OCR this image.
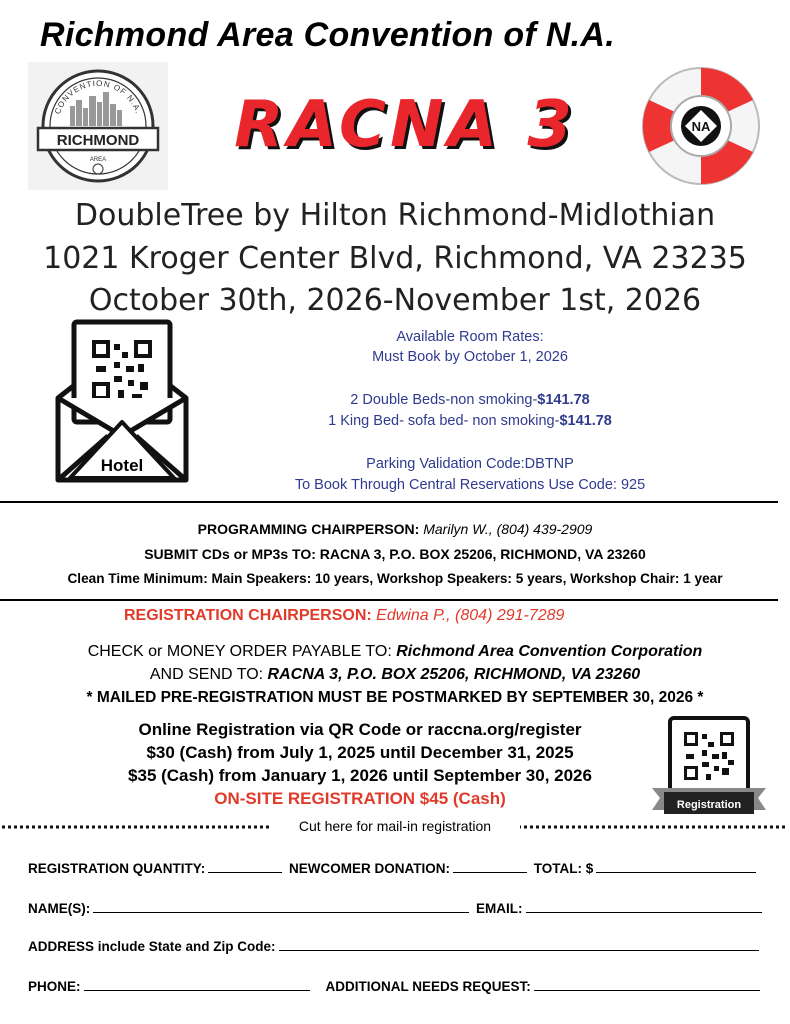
Richmond Area Convention of N.A.
CONVENTION OF N.A.
RICHMOND
AREA RACNA 3	NA
DoubleTree by Hilton Richmond-Midlothian
1021 Kroger Center Blvd, Richmond, VA 23235
October 30th, 2026-November 1st, 2026
Hotel
Available Room Rates:
Must Book by October 1, 2026
2 Double Beds-non smoking-$141.78
1 King Bed- sofa bed- non smoking-$141.78
Parking Validation Code:DBTNP
To Book Through Central Reservations Use Code: 925
PROGRAMMING CHAIRPERSON: Marilyn W., (804) 439-2909
SUBMIT CDs or MP3s TO: RACNA 3, P.O. BOX 25206, RICHMOND, VA 23260
Clean Time Minimum: Main Speakers: 10 years, Workshop Speakers: 5 years, Workshop Chair: 1 year
REGISTRATION CHAIRPERSON: Edwina P., (804) 291-7289
CHECK or MONEY ORDER PAYABLE TO: Richmond Area Convention Corporation
AND SEND TO: RACNA 3, P.O. BOX 25206, RICHMOND, VA 23260
* MAILED PRE-REGISTRATION MUST BE POSTMARKED BY SEPTEMBER 30, 2026 *
Online Registration via QR Code or raccna.org/register
$30 (Cash) from July 1, 2025 until December 31, 2025
$35 (Cash) from January 1, 2026 until September 30, 2026
ON-SITE REGISTRATION $45 (Cash)	Registration
Cut here for mail-in registration
REGISTRATION QUANTITY:	NEWCOMER DONATION:	TOTAL: $
NAME(S):	EMAIL:
ADDRESS include State and Zip Code:
PHONE:	ADDITIONAL NEEDS REQUEST:
